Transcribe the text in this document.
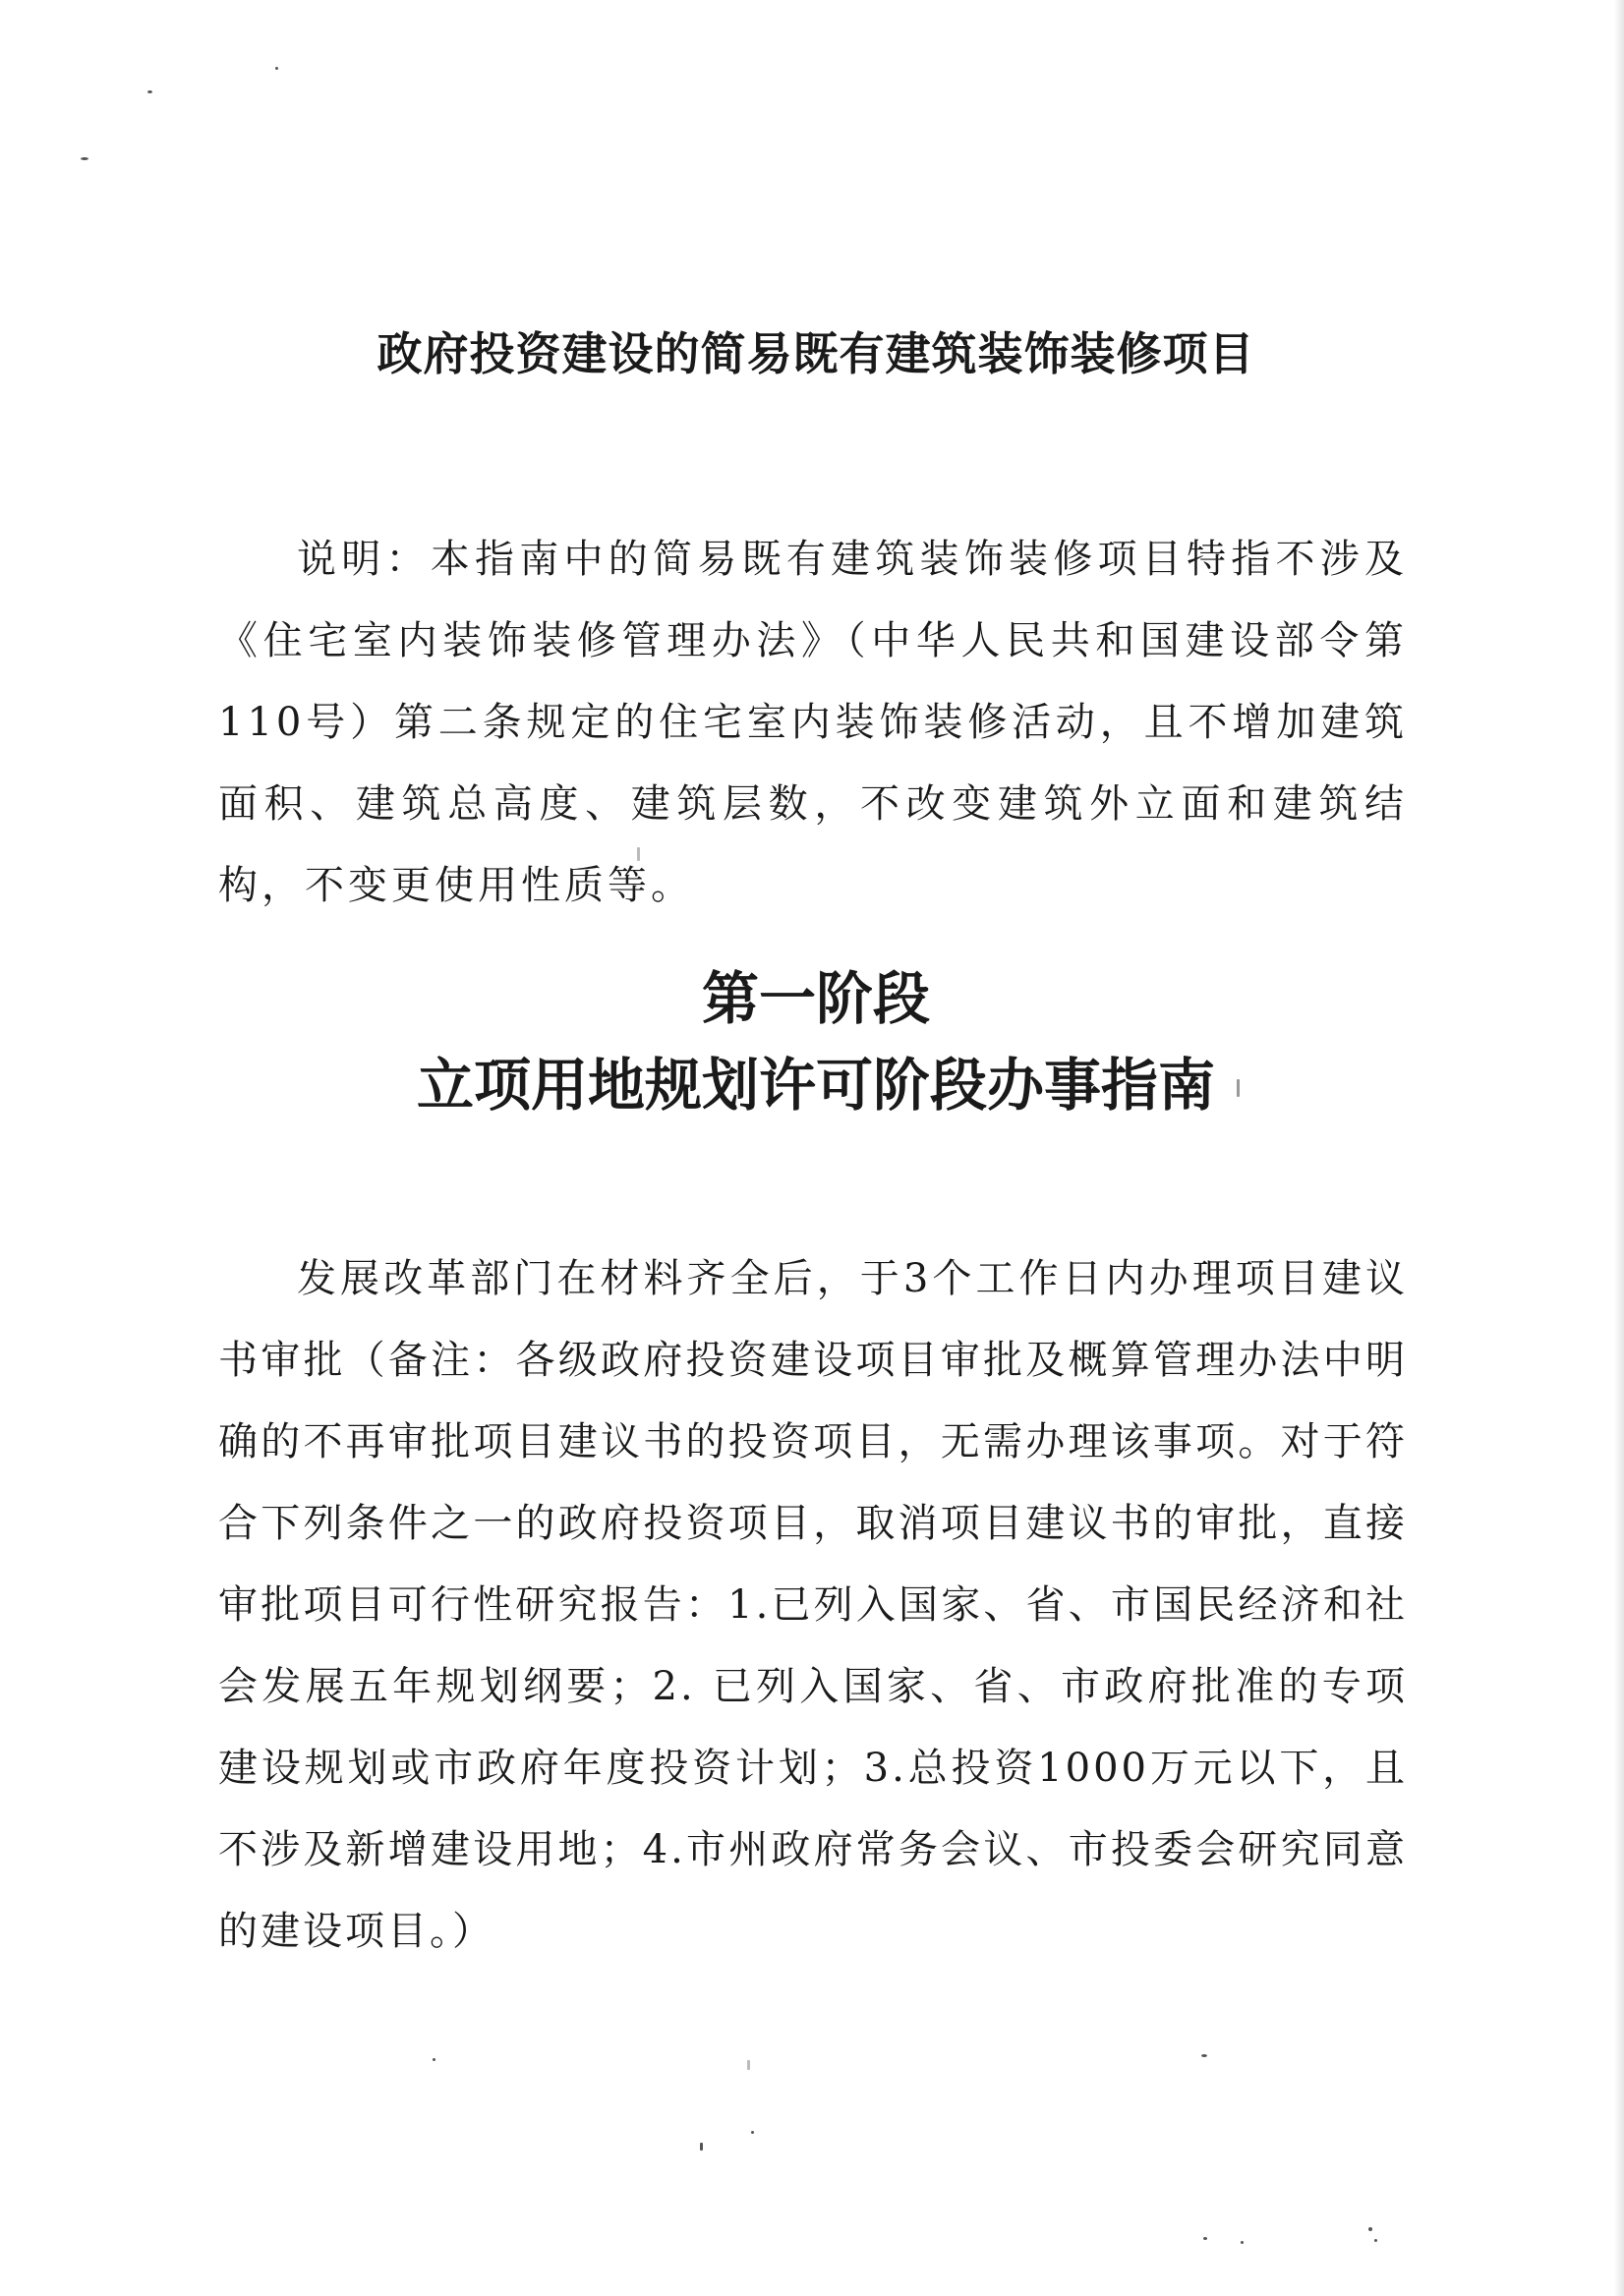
政府投资建设的简易既有建筑装饰装修项目

说明：本指南中的简易既有建筑装饰装修项目特指不涉及《住宅室内装饰装修管理办法》（中华人民共和国建设部令第110号）第二条规定的住宅室内装饰装修活动，且不增加建筑面积、建筑总高度、建筑层数，不改变建筑外立面和建筑结构，不变更使用性质等。

第一阶段
立项用地规划许可阶段办事指南

发展改革部门在材料齐全后，于3个工作日内办理项目建议书审批（备注：各级政府投资建设项目审批及概算管理办法中明确的不再审批项目建议书的投资项目，无需办理该事项。对于符合下列条件之一的政府投资项目，取消项目建议书的审批，直接审批项目可行性研究报告：1.已列入国家、省、市国民经济和社会发展五年规划纲要；2. 已列入国家、省、市政府批准的专项建设规划或市政府年度投资计划；3.总投资1000万元以下，且不涉及新增建设用地；4.市州政府常务会议、市投委会研究同意的建设项目。）
